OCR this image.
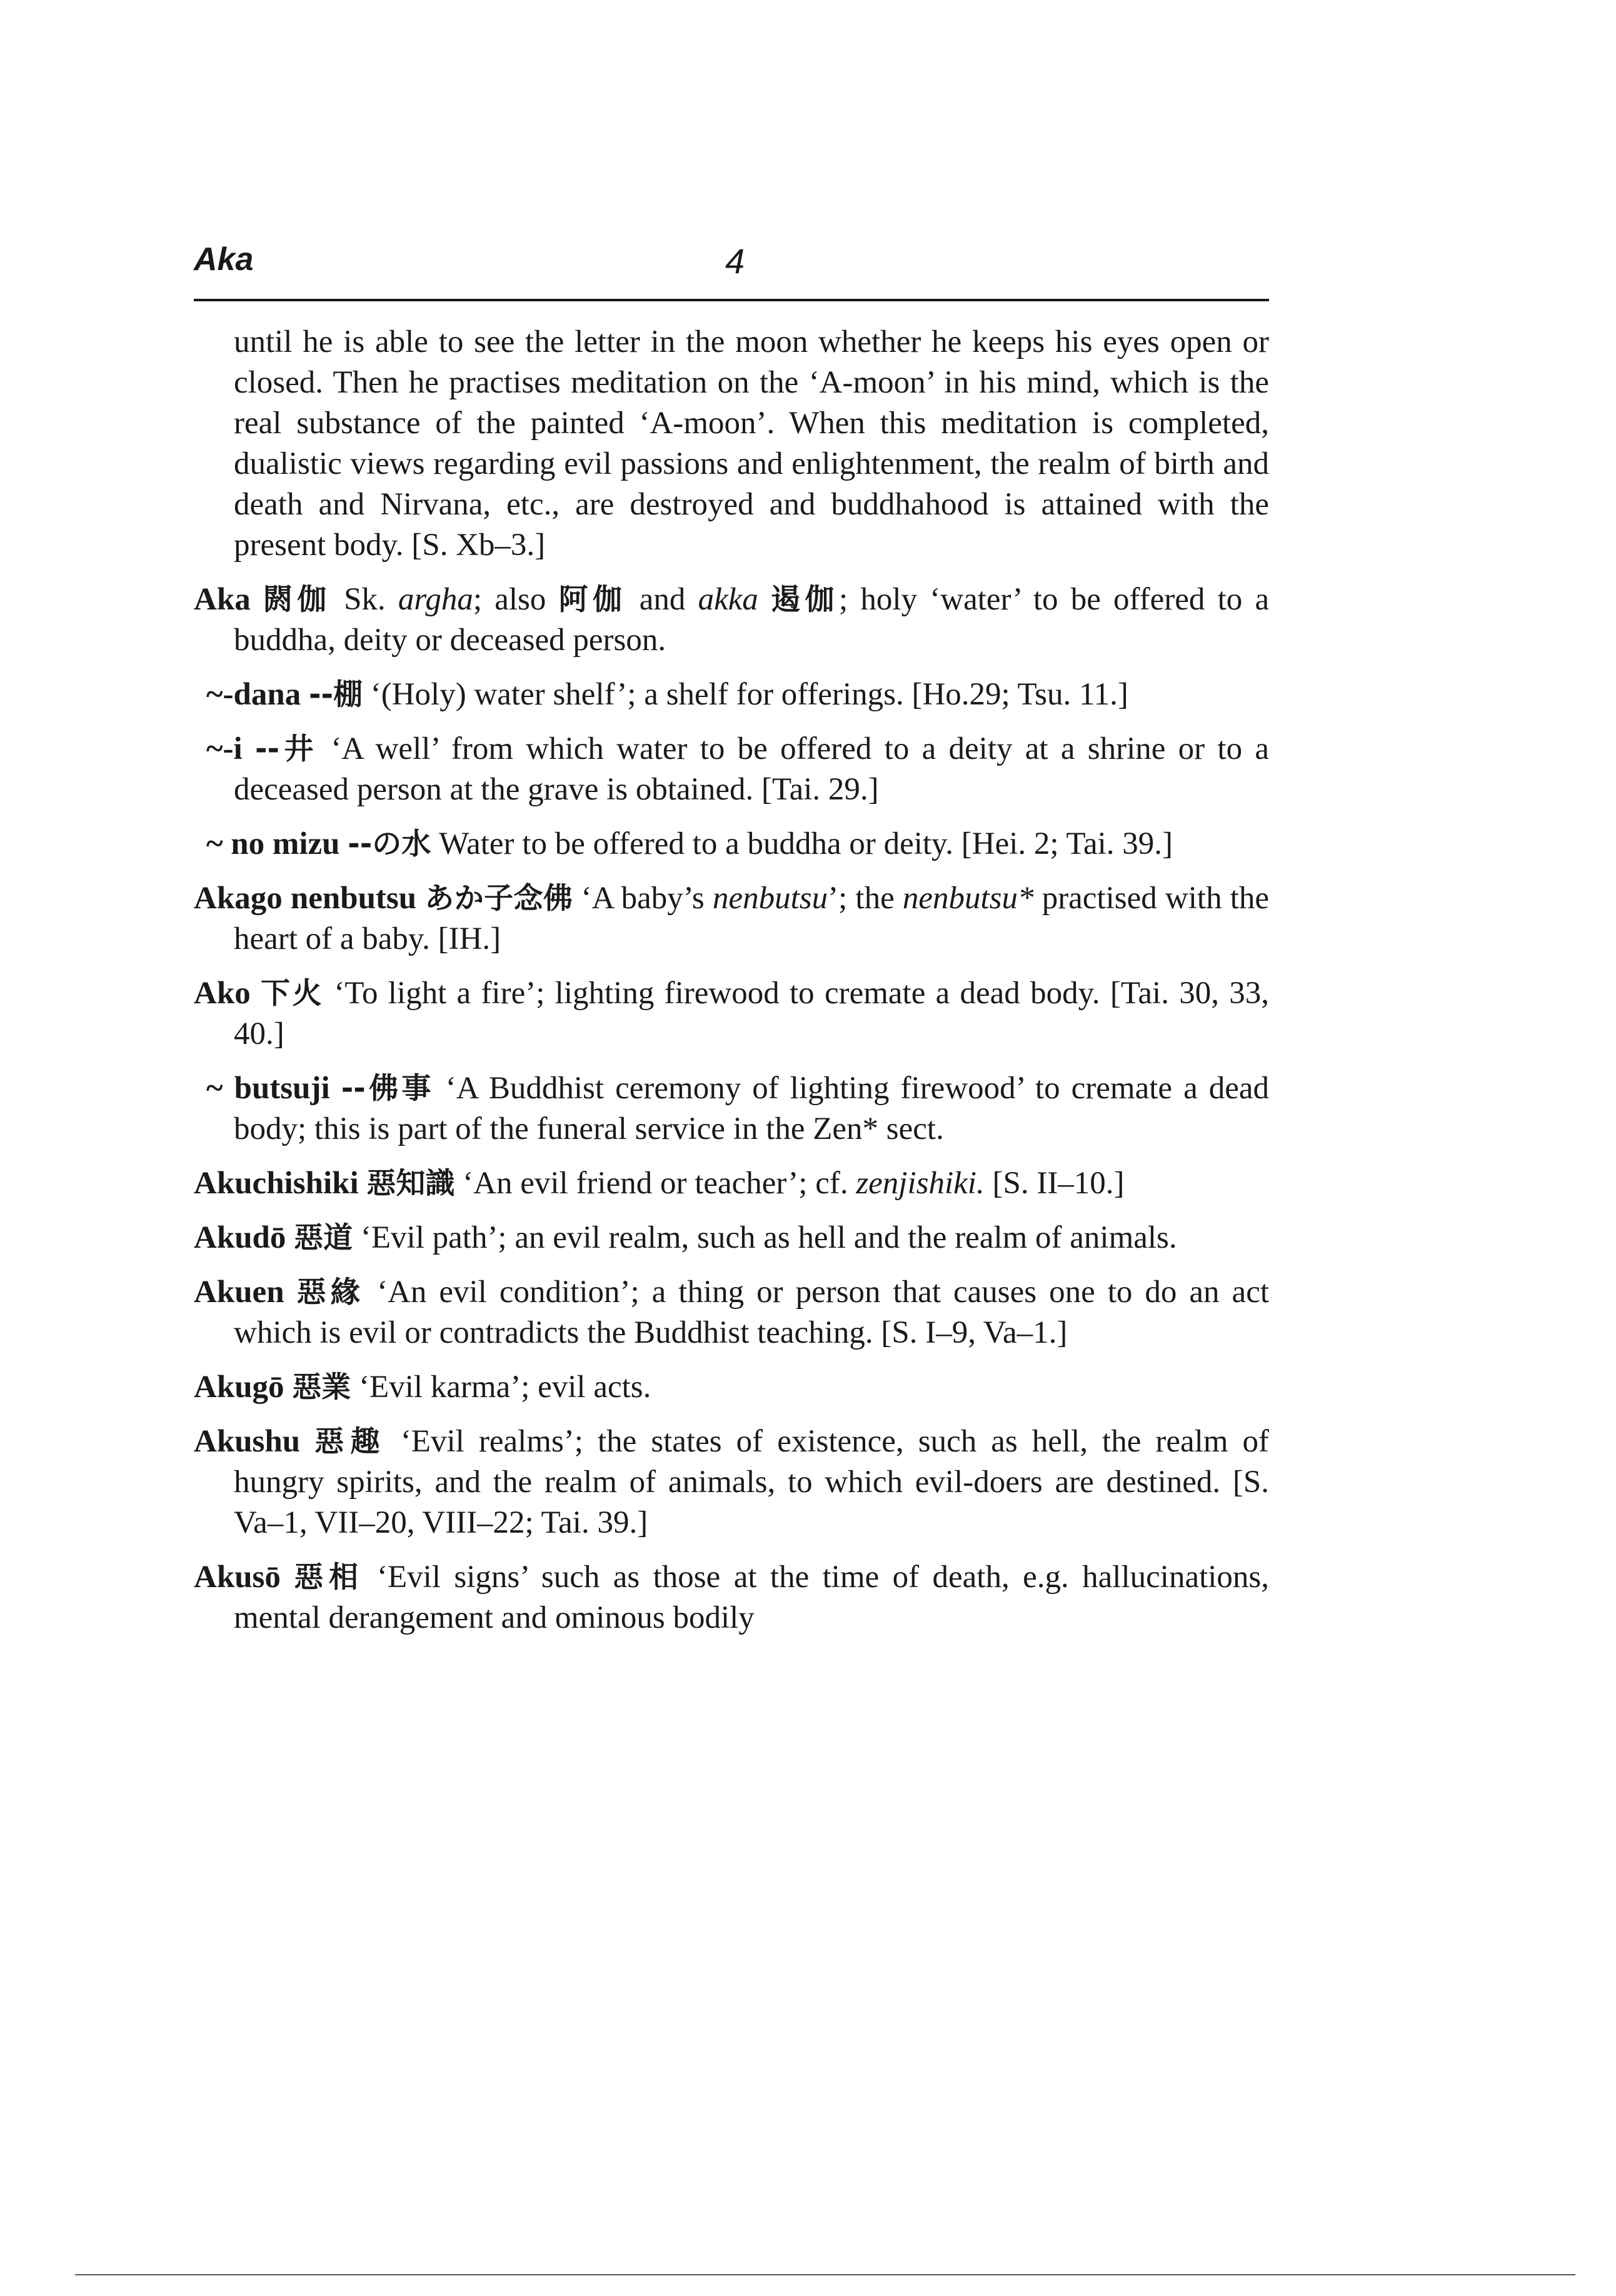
Aka	4

until he is able to see the letter in the moon whether he keeps his eyes open or closed. Then he practises meditation on the ‘A-moon’ in his mind, which is the real substance of the painted ‘A-moon’. When this meditation is completed, dualistic views regarding evil passions and enlightenment, the realm of birth and death and Nirvana, etc., are destroyed and buddhahood is attained with the present body. [S. Xb–3.]

Aka 閼伽 Sk. argha; also 阿伽 and akka 遏伽; holy ‘water’ to be offered to a buddha, deity or deceased person.

~-dana --棚 ‘(Holy) water shelf’; a shelf for offerings. [Ho.29; Tsu. 11.]

~-i --井 ‘A well’ from which water to be offered to a deity at a shrine or to a deceased person at the grave is obtained. [Tai. 29.]

~ no mizu --の水 Water to be offered to a buddha or deity. [Hei. 2; Tai. 39.]

Akago nenbutsu あか子念佛 ‘A baby’s nenbutsu’; the nenbutsu* practised with the heart of a baby. [IH.]

Ako 下火 ‘To light a fire’; lighting firewood to cremate a dead body. [Tai. 30, 33, 40.]

~ butsuji --佛事 ‘A Buddhist ceremony of lighting firewood’ to cremate a dead body; this is part of the funeral service in the Zen* sect.

Akuchishiki 惡知識 ‘An evil friend or teacher’; cf. zenjishiki. [S. II–10.]

Akudō 惡道 ‘Evil path’; an evil realm, such as hell and the realm of animals.

Akuen 惡緣 ‘An evil condition’; a thing or person that causes one to do an act which is evil or contradicts the Buddhist teaching. [S. I–9, Va–1.]

Akugō 惡業 ‘Evil karma’; evil acts.

Akushu 惡趣 ‘Evil realms’; the states of existence, such as hell, the realm of hungry spirits, and the realm of animals, to which evil-doers are destined. [S. Va–1, VII–20, VIII–22; Tai. 39.]

Akusō 惡相 ‘Evil signs’ such as those at the time of death, e.g. hallucinations, mental derangement and ominous bodily
